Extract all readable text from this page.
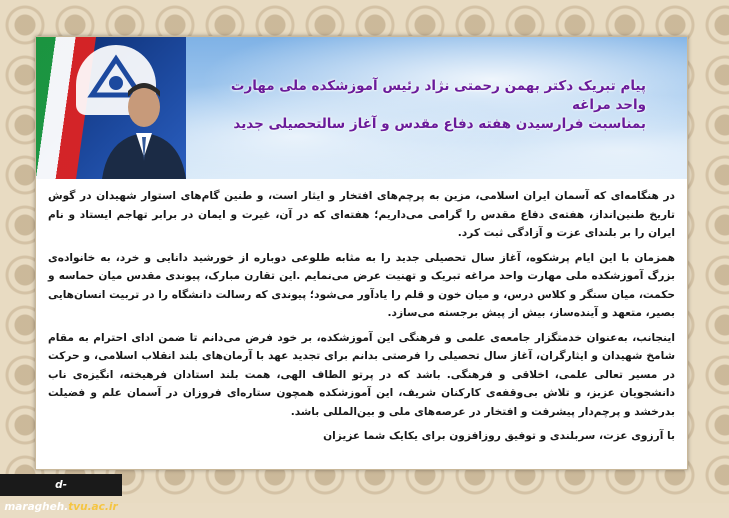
پیام تبریک دکتر بهمن رحمتی نژاد رئیس آموزشکده ملی مهارت واحد مراغه
بمناسبت فرارسیدن هفته دفاع مقدس و آغاز سالتحصیلی جدید

در هنگامه‌ای که آسمان ایران اسلامی، مزین به پرچم‌های افتخار و ایثار است، و طنین گام‌های استوار شهیدان در گوش تاریخ طنین‌انداز، هفته‌ی دفاع مقدس را گرامی می‌داریم؛ هفته‌ای که در آن، غیرت و ایمان در برابر تهاجم ایستاد و نام ایران را بر بلندای عزت و آزادگی ثبت کرد.

همزمان با این ایام پرشکوه، آغاز سال تحصیلی جدید را به مثابه طلوعی دوباره از خورشید دانایی و خرد، به خانواده‌ی بزرگ آموزشکده ملی مهارت واحد مراغه تبریک و تهنیت عرض می‌نمایم .این تقارن مبارک، پیوندی مقدس میان حماسه و حکمت، میان سنگر و کلاس درس، و میان خون و قلم را یادآور می‌شود؛ پیوندی که رسالت دانشگاه را در تربیت انسان‌هایی بصیر، متعهد و آینده‌ساز، بیش از پیش برجسته می‌سازد.

اینجانب، به‌عنوان خدمتگزار جامعه‌ی علمی و فرهنگی این آموزشکده، بر خود فرض می‌دانم تا ضمن ادای احترام به مقام شامخ شهیدان و ایثارگران، آغاز سال تحصیلی را فرصتی بدانم برای تجدید عهد با آرمان‌های بلند انقلاب اسلامی، و حرکت در مسیر تعالی علمی، اخلاقی و فرهنگی. باشد که در پرتو الطاف الهی، همت بلند استادان فرهیخته، انگیزه‌ی ناب دانشجویان عزیز، و تلاش بی‌وقفه‌ی کارکنان شریف، این آموزشکده همچون ستاره‌ای فروزان در آسمان علم و فضیلت بدرخشد و پرچم‌دار پیشرفت و افتخار در عرصه‌های ملی و بین‌المللی باشد.

با آرزوی عزت، سربلندی و توفیق روزافزون برای یکایک شما عزیزان

d-maragheh.tvu.ac.ir
